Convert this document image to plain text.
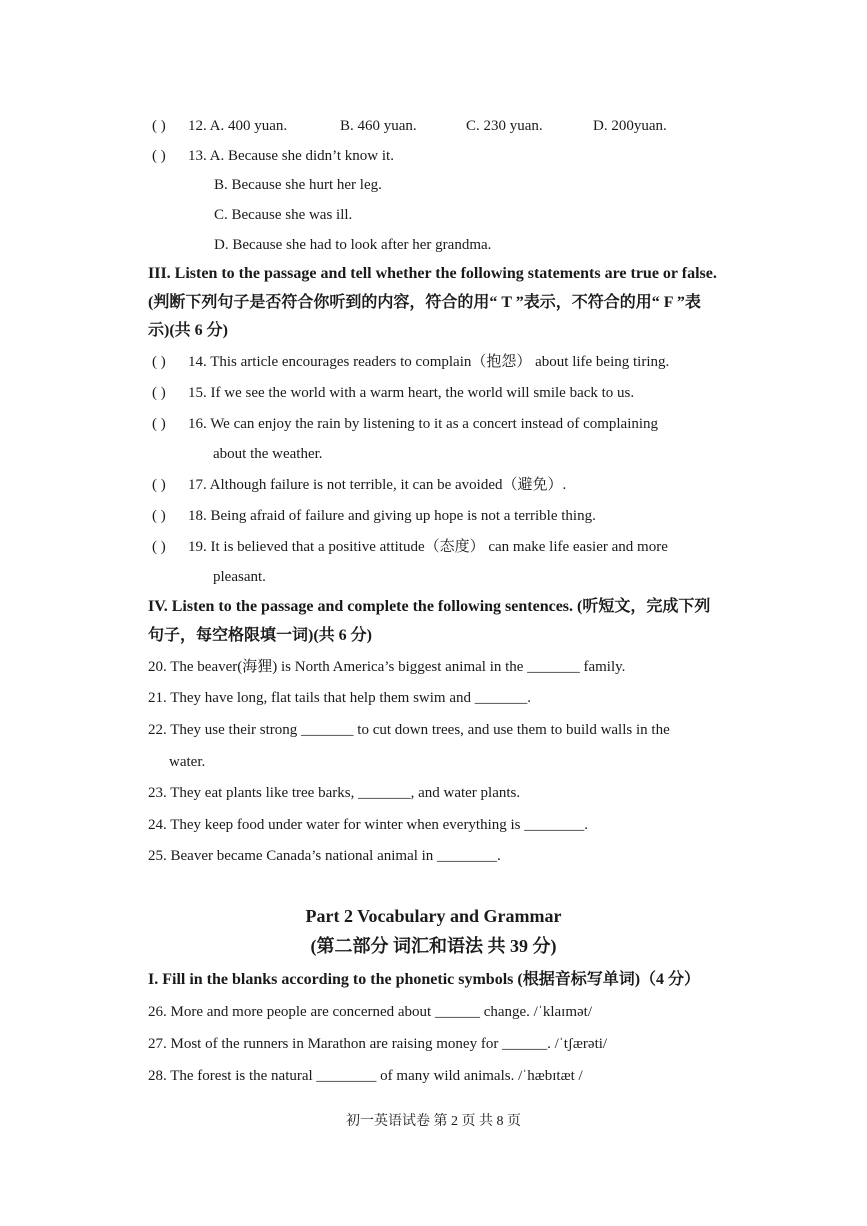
( ) 12. A. 400 yuan.	B. 460 yuan.	C. 230 yuan.	D. 200yuan.
( ) 13. A. Because she didn’t know it.
B. Because she hurt her leg.
C. Because she was ill.
D. Because she had to look after her grandma.
III. Listen to the passage and tell whether the following statements are true or false.
(判断下列句子是否符合你听到的内容，符合的用“ T ”表示，不符合的用“ F ”表
示)(共 6 分)
( ) 14. This article encourages readers to complain（抱怨） about life being tiring.
( ) 15. If we see the world with a warm heart, the world will smile back to us.
( ) 16. We can enjoy the rain by listening to it as a concert instead of complaining
about the weather.
( ) 17. Although failure is not terrible, it can be avoided（避免）.
( ) 18. Being afraid of failure and giving up hope is not a terrible thing.
( ) 19. It is believed that a positive attitude（态度） can make life easier and more
pleasant.
IV. Listen to the passage and complete the following sentences. (听短文，完成下列
句子，每空格限填一词)(共 6 分)
20. The beaver(海狸) is North America’s biggest animal in the _______ family.
21. They have long, flat tails that help them swim and _______.
22. They use their strong _______ to cut down trees, and use them to build walls in the
water.
23. They eat plants like tree barks, _______, and water plants.
24. They keep food under water for winter when everything is ________.
25. Beaver became Canada’s national animal in ________.
Part 2 Vocabulary and Grammar
(第二部分 词汇和语法 共 39 分)
I. Fill in the blanks according to the phonetic symbols (根据音标写单词)（4 分）
26. More and more people are concerned about ______ change. /ˈklaɪmət/
27. Most of the runners in Marathon are raising money for ______. /ˈtʃærəti/
28. The forest is the natural ________ of many wild animals. /ˈhæbɪtæt /
初一英语试卷 第 2 页 共 8 页
